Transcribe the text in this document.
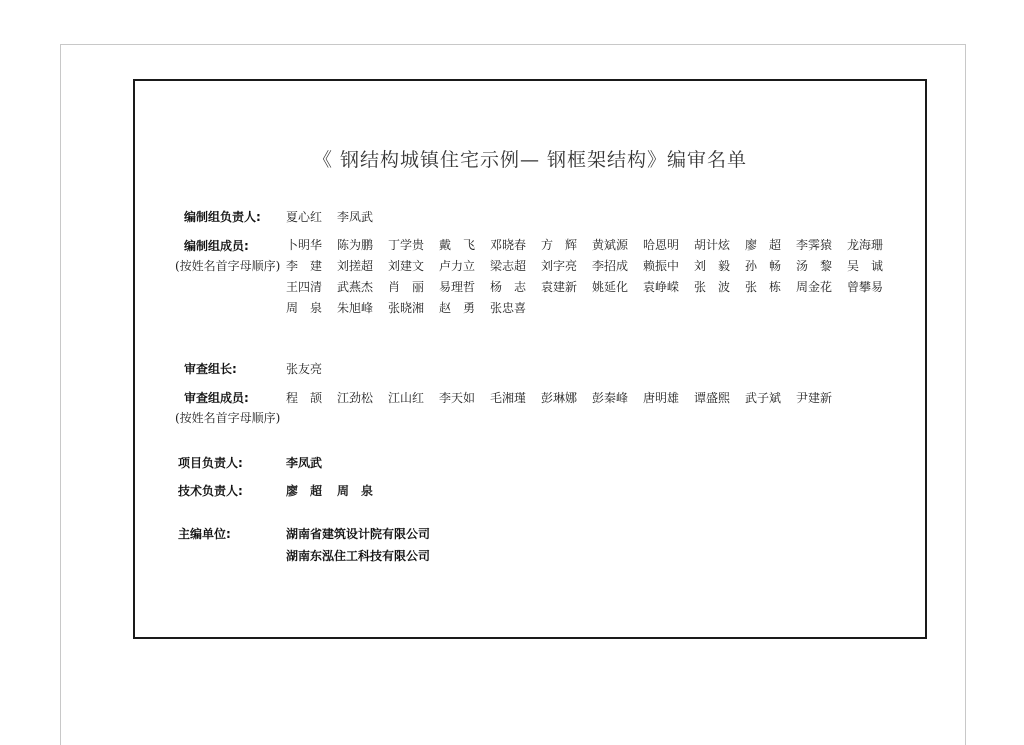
《 钢结构城镇住宅示例— 钢框架结构》编审名单
编制组负责人: 夏心红	李凤武
编制组成员:
(按姓名首字母顺序)
卜明华	陈为鹏	丁学贵	戴　飞	邓晓春	方　辉	黄斌源	哈恩明	胡计炫	廖　超	李霁猿	龙海珊
李　建	刘搓超	刘建文	卢力立	梁志超	刘字亮	李招成	赖振中	刘　毅	孙　畅	汤　黎	吴　诚
王四清	武燕杰	肖　丽	易理哲	杨　志	袁建新	姚延化	袁峥嵘	张　波	张　栋	周金花	曾攀易
周　泉	朱旭峰	张晓湘	赵　勇	张忠喜
审查组长:	张友亮
审查组成员:
(按姓名首字母顺序)
程　颉	江劲松	江山红	李天如	毛湘瑾	彭琳娜	彭秦峰	唐明雄	谭盛熙	武子斌	尹建新
项目负责人:	李凤武
技术负责人:	廖　超	周　泉
主编单位:	湖南省建筑设计院有限公司
湖南东泓住工科技有限公司
